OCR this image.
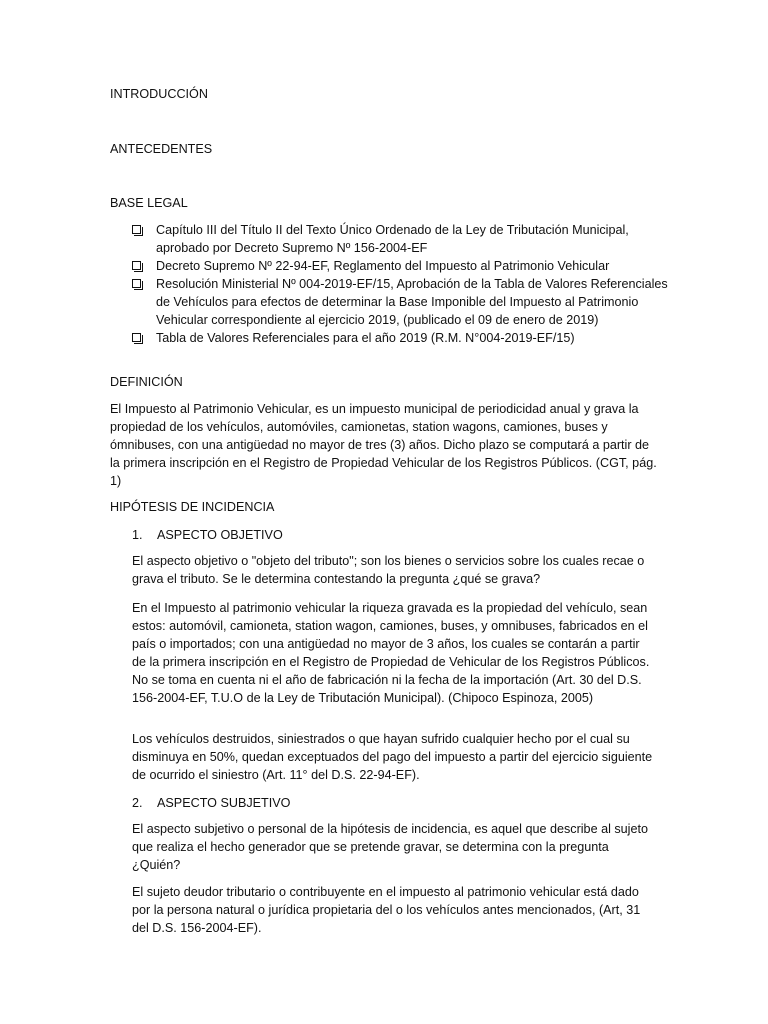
INTRODUCCIÓN
ANTECEDENTES
BASE LEGAL
Capítulo III del Título II del Texto Único Ordenado de la Ley de Tributación Municipal, aprobado por Decreto Supremo Nº 156-2004-EF
Decreto Supremo Nº 22-94-EF, Reglamento del Impuesto al Patrimonio Vehicular
Resolución Ministerial Nº 004-2019-EF/15, Aprobación de la Tabla de Valores Referenciales de Vehículos para efectos de determinar la Base Imponible del Impuesto al Patrimonio Vehicular correspondiente al ejercicio 2019, (publicado el 09 de enero de 2019)
Tabla de Valores Referenciales para el año 2019 (R.M. N°004-2019-EF/15)
DEFINICIÓN

El Impuesto al Patrimonio Vehicular, es un impuesto municipal de periodicidad anual y grava la propiedad de los vehículos, automóviles, camionetas, station wagons, camiones, buses y ómnibuses, con una antigüedad no mayor de tres (3) años. Dicho plazo se computará a partir de la primera inscripción en el Registro de Propiedad Vehicular de los Registros Públicos. (CGT, pág. 1)

HIPÓTESIS DE INCIDENCIA

1. ASPECTO OBJETIVO

El aspecto objetivo o "objeto del tributo"; son los bienes o servicios sobre los cuales recae o grava el tributo. Se le determina contestando la pregunta ¿qué se grava?

En el Impuesto al patrimonio vehicular la riqueza gravada es la propiedad del vehículo, sean estos: automóvil, camioneta, station wagon, camiones, buses, y omnibuses, fabricados en el país o importados; con una antigüedad no mayor de 3 años, los cuales se contarán a partir de la primera inscripción en el Registro de Propiedad de Vehicular de los Registros Públicos. No se toma en cuenta ni el año de fabricación ni la fecha de la importación (Art. 30 del D.S. 156-2004-EF, T.U.O de la Ley de Tributación Municipal). (Chipoco Espinoza, 2005)

Los vehículos destruidos, siniestrados o que hayan sufrido cualquier hecho por el cual su disminuya en 50%, quedan exceptuados del pago del impuesto a partir del ejercicio siguiente de ocurrido el siniestro (Art. 11° del D.S. 22-94-EF).

2. ASPECTO SUBJETIVO

El aspecto subjetivo o personal de la hipótesis de incidencia, es aquel que describe al sujeto que realiza el hecho generador que se pretende gravar, se determina con la pregunta ¿Quién?

El sujeto deudor tributario o contribuyente en el impuesto al patrimonio vehicular está dado por la persona natural o jurídica propietaria del o los vehículos antes mencionados, (Art, 31 del D.S. 156-2004-EF).
